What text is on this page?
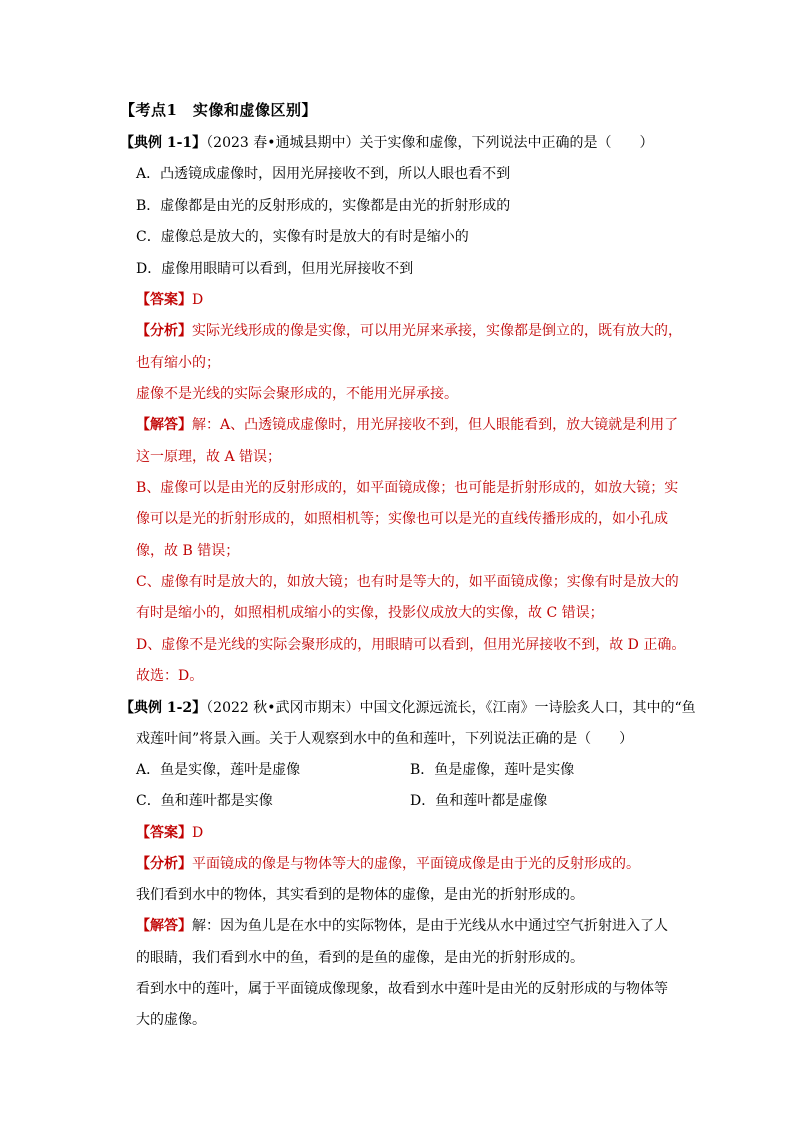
【考点1　实像和虚像区别】
【典例 1-1】（2023 春•通城县期中）关于实像和虚像，下列说法中正确的是（　　）
A．凸透镜成虚像时，因用光屏接收不到，所以人眼也看不到
B．虚像都是由光的反射形成的，实像都是由光的折射形成的
C．虚像总是放大的，实像有时是放大的有时是缩小的
D．虚像用眼睛可以看到，但用光屏接收不到
【答案】D
【分析】实际光线形成的像是实像，可以用光屏来承接，实像都是倒立的，既有放大的，
也有缩小的；
虚像不是光线的实际会聚形成的，不能用光屏承接。
【解答】解：A、凸透镜成虚像时，用光屏接收不到，但人眼能看到，放大镜就是利用了
这一原理，故 A 错误；
B、虚像可以是由光的反射形成的，如平面镜成像；也可能是折射形成的，如放大镜；实
像可以是光的折射形成的，如照相机等；实像也可以是光的直线传播形成的，如小孔成
像，故 B 错误；
C、虚像有时是放大的，如放大镜；也有时是等大的，如平面镜成像；实像有时是放大的
有时是缩小的，如照相机成缩小的实像，投影仪成放大的实像，故 C 错误；
D、虚像不是光线的实际会聚形成的，用眼睛可以看到，但用光屏接收不到，故 D 正确。
故选：D。
【典例 1-2】（2022 秋•武冈市期末）中国文化源远流长，《江南》一诗脍炙人口，其中的“鱼
戏莲叶间”将景入画。关于人观察到水中的鱼和莲叶，下列说法正确的是（　　）
A．鱼是实像，莲叶是虚像	B．鱼是虚像，莲叶是实像
C．鱼和莲叶都是实像	D．鱼和莲叶都是虚像
【答案】D
【分析】平面镜成的像是与物体等大的虚像，平面镜成像是由于光的反射形成的。
我们看到水中的物体，其实看到的是物体的虚像，是由光的折射形成的。
【解答】解：因为鱼儿是在水中的实际物体，是由于光线从水中通过空气折射进入了人
的眼睛，我们看到水中的鱼，看到的是鱼的虚像，是由光的折射形成的。
看到水中的莲叶，属于平面镜成像现象，故看到水中莲叶是由光的反射形成的与物体等
大的虚像。
